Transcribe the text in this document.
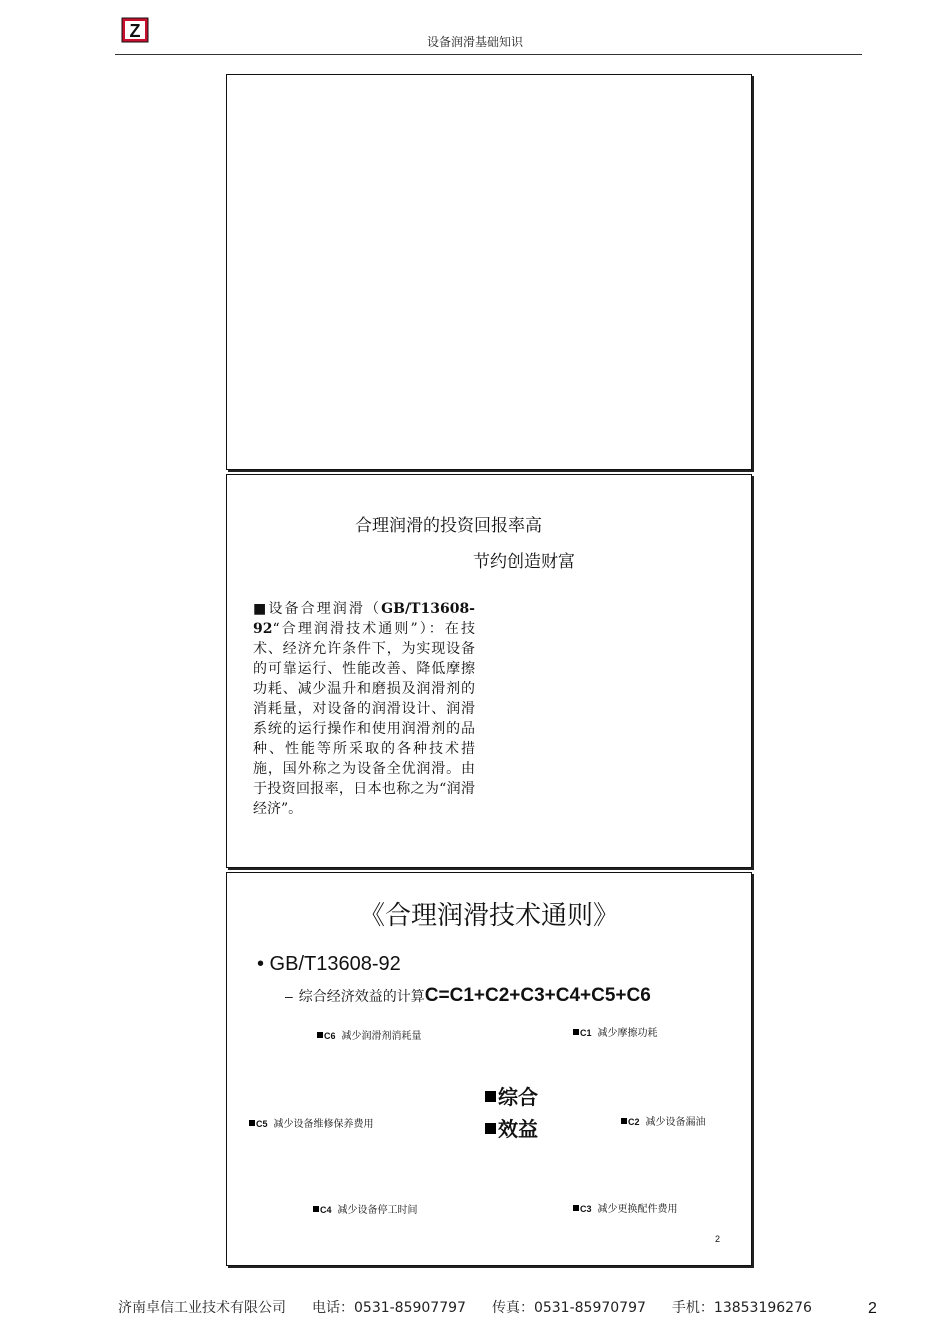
Z
设备润滑基础知识
合理润滑的投资回报率高
节约创造财富
■设备合理润滑（GB/T13608-92“合理润滑技术通则”）：在技术、经济允许条件下，为实现设备的可靠运行、性能改善、降低摩擦功耗、减少温升和磨损及润滑剂的消耗量，对设备的润滑设计、润滑系统的运行操作和使用润滑剂的品种、性能等所采取的各种技术措施，国外称之为设备全优润滑。由于投资回报率，日本也称之为“润滑经济”。
《合理润滑技术通则》
• GB/T13608-92
– 综合经济效益的计算C=C1+C2+C3+C4+C5+C6
C6 减少润滑剂消耗量	C1 减少摩擦功耗
C5 减少设备维修保养费用	C2 减少设备漏油
C4 减少设备停工时间	C3 减少更换配件费用
综合
效益
2
济南卓信工业技术有限公司 电话：0531-85907797 传真：0531-85970797 手机：13853196276	2
